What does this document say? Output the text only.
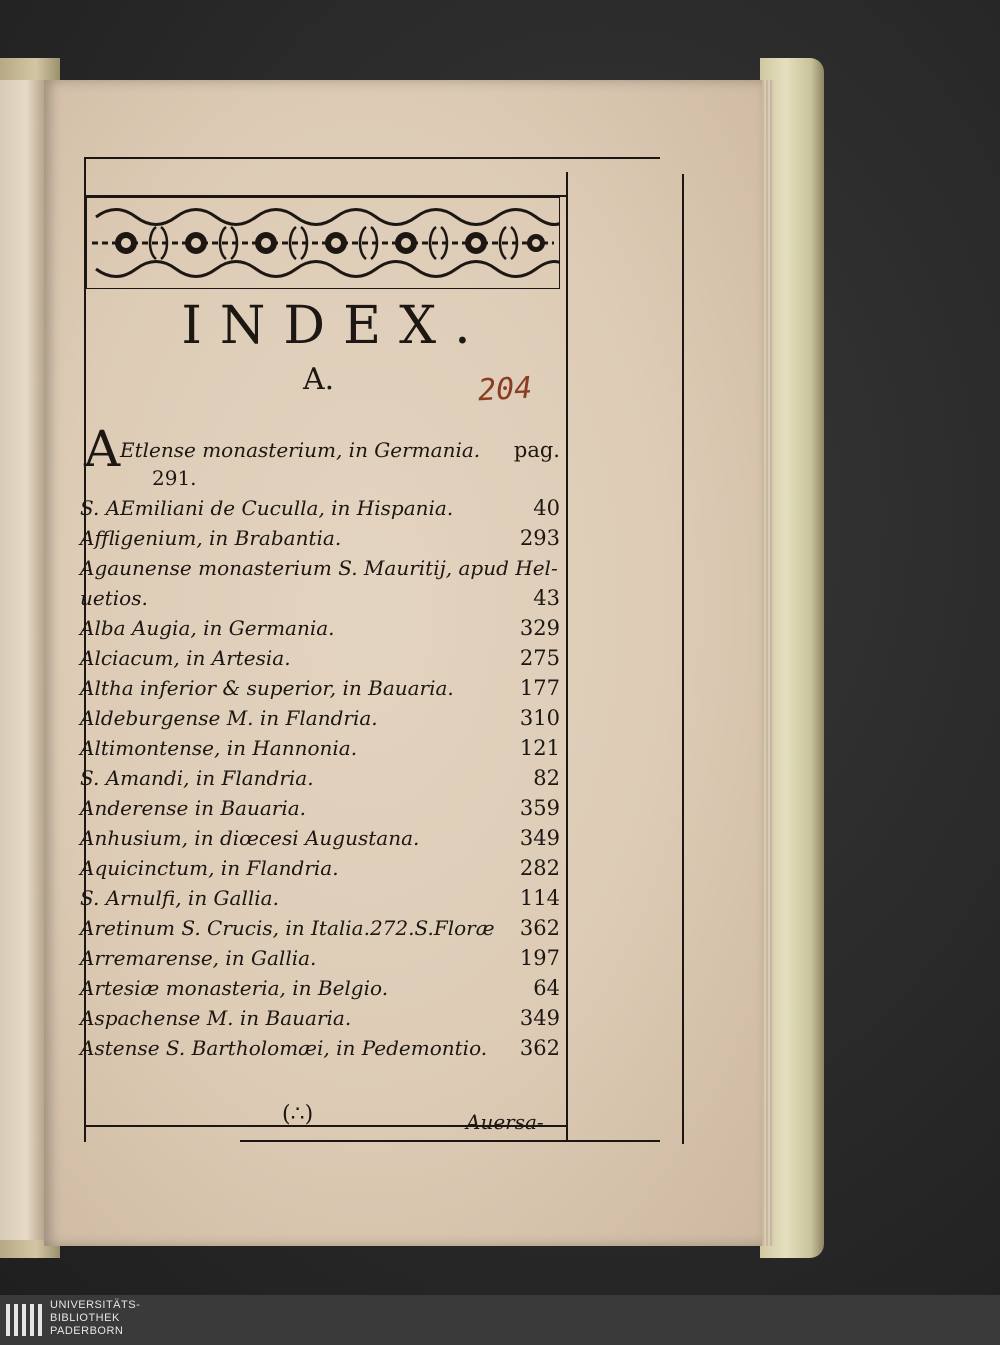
INDEX.
A.	204
A Etlense monasterium, in Germania. pag.
291.
S. AEmiliani de Cuculla, in Hispania.	40
Affligenium, in Brabantia.	293
Agaunense monasterium S. Mauritij, apud Hel-
uetios.	43
Alba Augia, in Germania.	329
Alciacum, in Artesia.	275
Altha inferior & superior, in Bauaria.	177
Aldeburgense M. in Flandria.	310
Altimontense, in Hannonia.	121
S. Amandi, in Flandria.	82
Anderense in Bauaria.	359
Anhusium, in diœcesi Augustana.	349
Aquicinctum, in Flandria.	282
S. Arnulfi, in Gallia.	114
Aretinum S. Crucis, in Italia.272.S.Floræ 362
Arremarense, in Gallia.	197
Artesiæ monasteria, in Belgio.	64
Aspachense M. in Bauaria.	349
Astense S. Bartholomæi, in Pedemontio. 362
(∴)	Auersa-
UNIVERSITÄTS-
BIBLIOTHEK
PADERBORN
